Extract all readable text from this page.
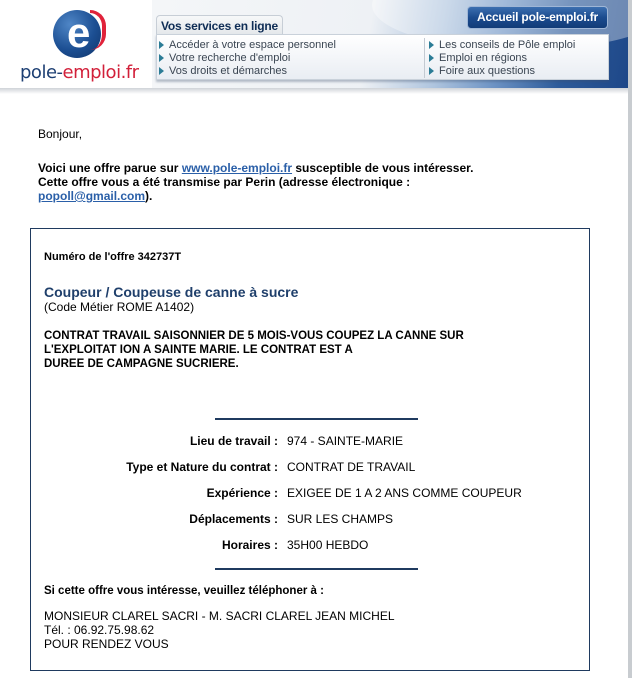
e
pole-emploi.fr
Vos services en ligne
Accéder à votre espace personnel
Votre recherche d'emploi
Vos droits et démarches
Les conseils de Pôle emploi
Emploi en régions
Foire aux questions
Accueil pole-emploi.fr
Bonjour,
Voici une offre parue sur www.pole-emploi.fr susceptible de vous intéresser.
Cette offre vous a été transmise par Perin (adresse électronique :
popoll@gmail.com).
Numéro de l'offre 342737T
Coupeur / Coupeuse de canne à sucre
(Code Métier ROME A1402)
CONTRAT TRAVAIL SAISONNIER DE 5 MOIS-VOUS COUPEZ LA CANNE SUR
L'EXPLOITAT ION A SAINTE MARIE. LE CONTRAT EST A
DUREE DE CAMPAGNE SUCRIERE.
Lieu de travail : 974 - SAINTE-MARIE
Type et Nature du contrat : CONTRAT DE TRAVAIL
Expérience : EXIGEE DE 1 A 2 ANS COMME COUPEUR
Déplacements : SUR LES CHAMPS
Horaires : 35H00 HEBDO
Si cette offre vous intéresse, veuillez téléphoner à :
MONSIEUR CLAREL SACRI - M. SACRI CLAREL JEAN MICHEL
Tél. : 06.92.75.98.62
POUR RENDEZ VOUS
